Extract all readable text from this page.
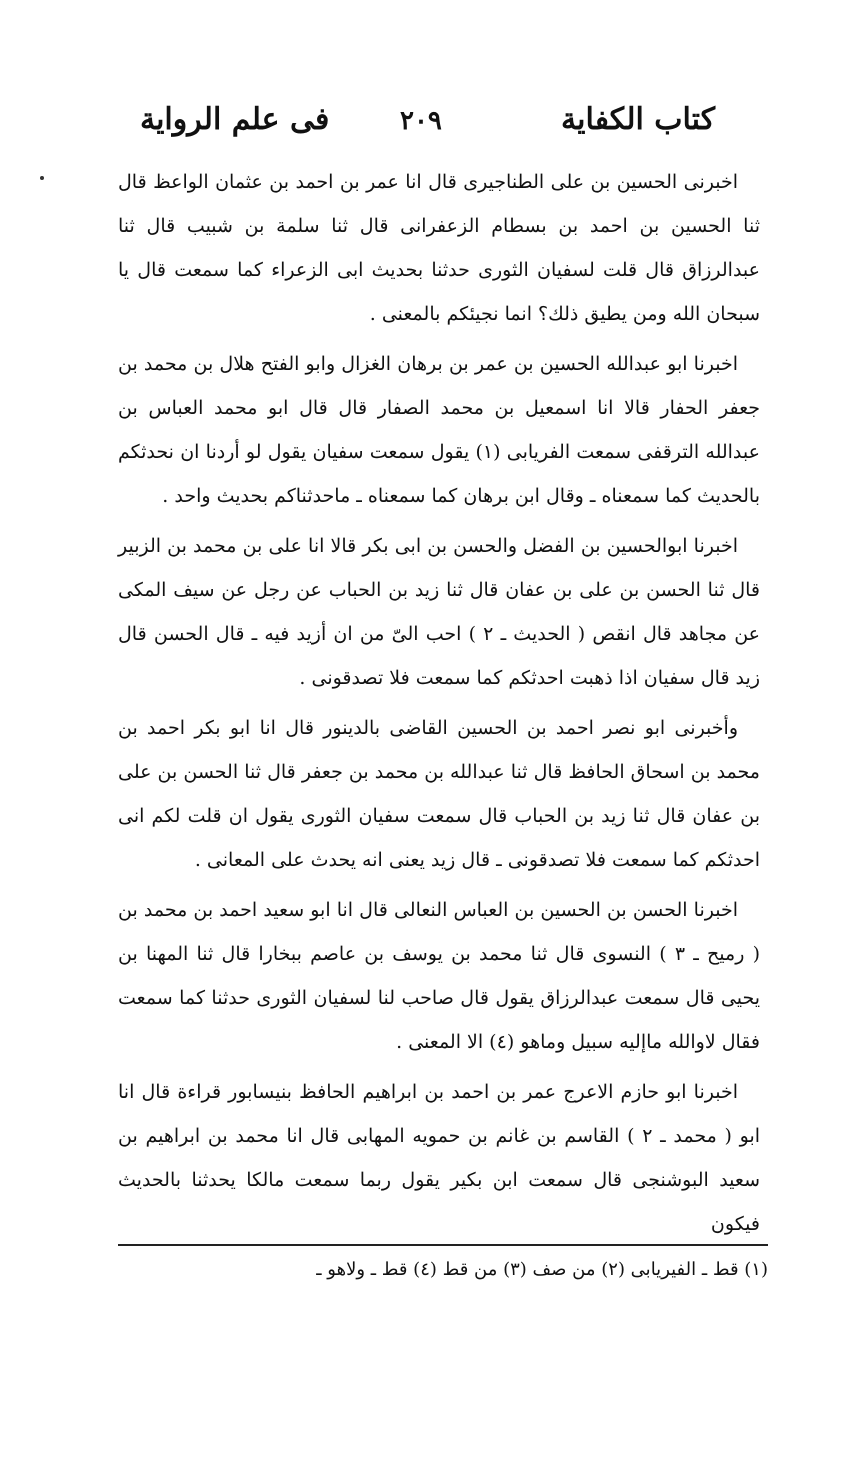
كتاب الكفاية
٢٠٩
فى علم الرواية

اخبرنى الحسين بن على الطناجيرى قال انا عمر بن احمد بن عثمان الواعظ قال ثنا الحسين بن احمد بن بسطام الزعفرانى قال ثنا سلمة بن شبيب قال ثنا عبدالرزاق قال قلت لسفيان الثورى حدثنا بحديث ابى الزعراء كما سمعت قال يا سبحان الله ومن يطيق ذلك؟ انما نجيئكم بالمعنى .

اخبرنا ابو عبدالله الحسين بن عمر بن برهان الغزال وابو الفتح هلال بن محمد بن جعفر الحفار قالا انا اسمعيل بن محمد الصفار قال قال ابو محمد العباس بن عبدالله الترقفى سمعت الفريابى (١) يقول سمعت سفيان يقول لو أردنا ان نحدثكم بالحديث كما سمعناه ـ وقال ابن برهان كما سمعناه ـ ماحدثناكم بحديث واحد .

اخبرنا ابوالحسين بن الفضل والحسن بن ابى بكر قالا انا على بن محمد بن الزبير قال ثنا الحسن بن على بن عفان قال ثنا زيد بن الحباب عن رجل عن سيف المكى عن مجاهد قال انقص ( الحديث ـ ٢ ) احب الىّ من ان أزيد فيه ـ قال الحسن قال زيد قال سفيان اذا ذهبت احدثكم كما سمعت فلا تصدقونى .

وأخبرنى ابو نصر احمد بن الحسين القاضى بالدينور قال انا ابو بكر احمد بن محمد بن اسحاق الحافظ قال ثنا عبدالله بن محمد بن جعفر قال ثنا الحسن بن على بن عفان قال ثنا زيد بن الحباب قال سمعت سفيان الثورى يقول ان قلت لكم انى احدثكم كما سمعت فلا تصدقونى ـ قال زيد يعنى انه يحدث على المعانى .

اخبرنا الحسن بن الحسين بن العباس النعالى قال انا ابو سعيد احمد بن محمد بن ( رميح ـ ٣ ) النسوى قال ثنا محمد بن يوسف بن عاصم ببخارا قال ثنا المهنا بن يحيى قال سمعت عبدالرزاق يقول قال صاحب لنا لسفيان الثورى حدثنا كما سمعت فقال لاوالله ماإليه سبيل وماهو (٤) الا المعنى .

اخبرنا ابو حازم الاعرج عمر بن احمد بن ابراهيم الحافظ بنيسابور قراءة قال انا ابو ( محمد ـ ٢ ) القاسم بن غانم بن حمويه المهابى قال انا محمد بن ابراهيم بن سعيد البوشنجى قال سمعت ابن بكير يقول ربما سمعت مالكا يحدثنا بالحديث فيكون

(١) قط ـ الفيريابى (٢) من صف (٣) من قط (٤) قط ـ ولاهو ـ
